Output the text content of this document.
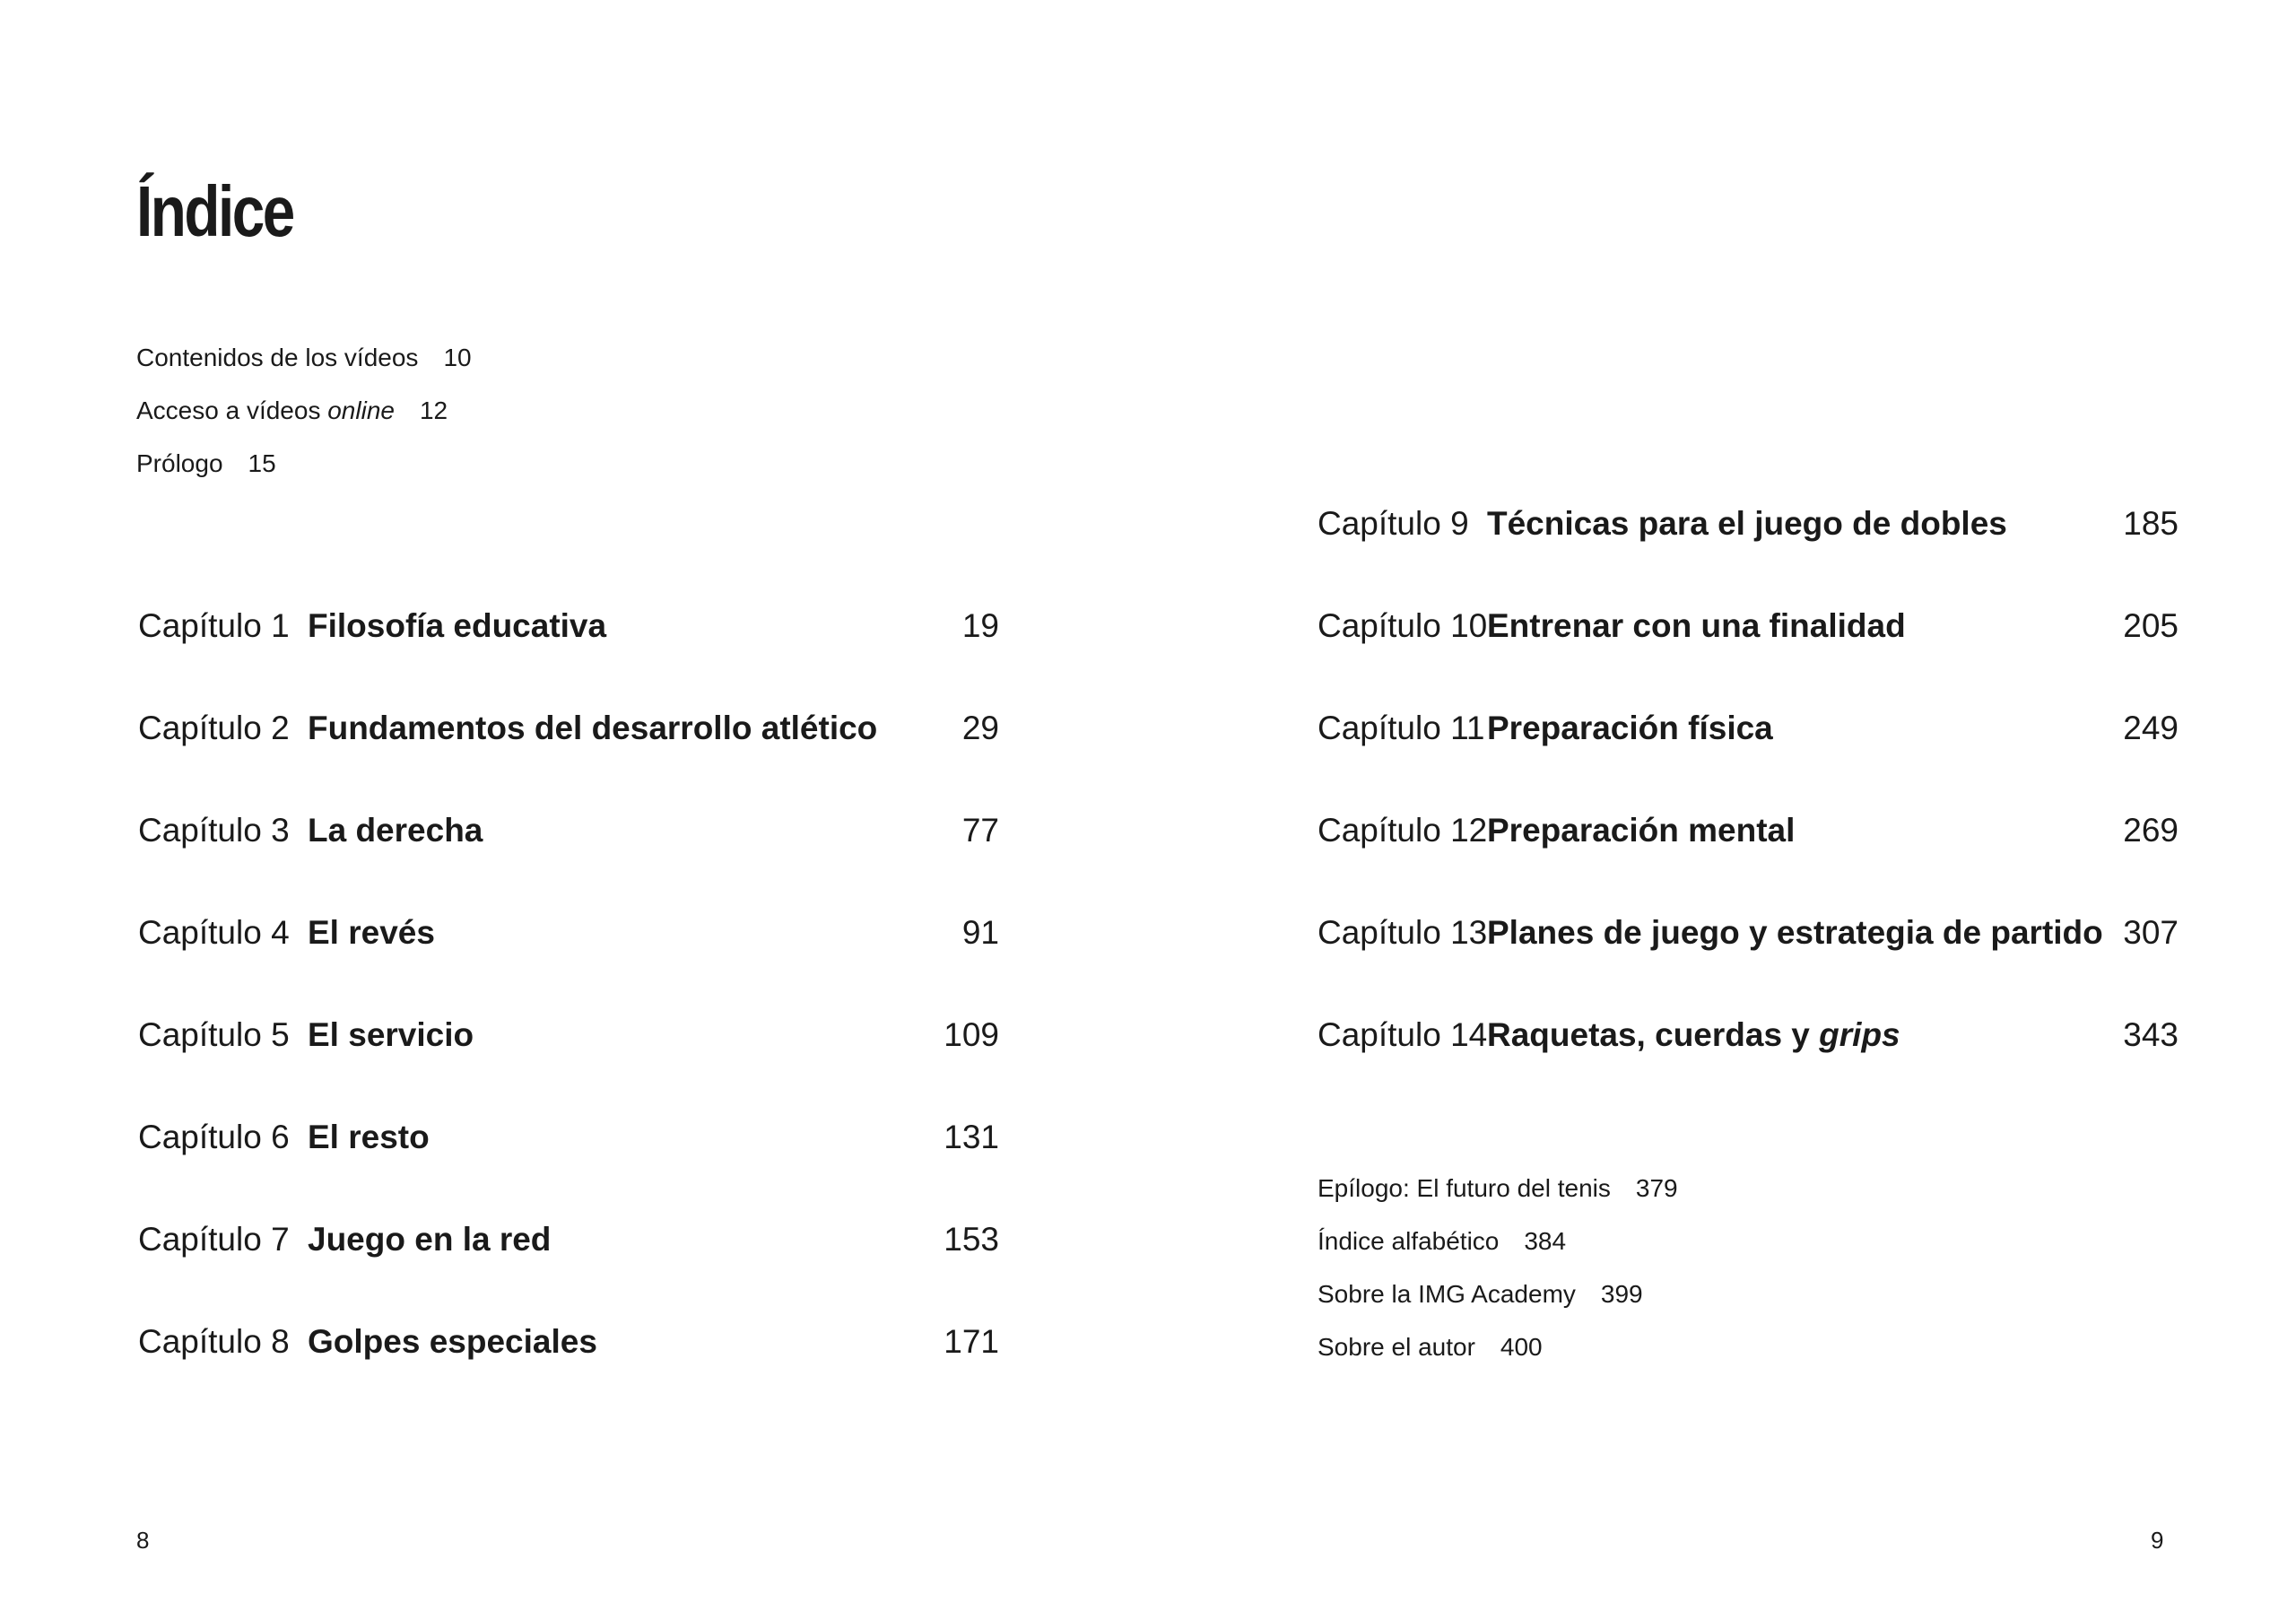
Índice
Contenidos de los vídeos 10
Acceso a vídeos online 12
Prólogo 15
Capítulo 1 Filosofía educativa	19
Capítulo 2 Fundamentos del desarrollo atlético	29
Capítulo 3 La derecha	77
Capítulo 4 El revés	91
Capítulo 5 El servicio	109
Capítulo 6 El resto	131
Capítulo 7 Juego en la red	153
Capítulo 8 Golpes especiales	171
Capítulo 9 Técnicas para el juego de dobles	185
Capítulo 10 Entrenar con una finalidad	205
Capítulo 11 Preparación física	249
Capítulo 12 Preparación mental	269
Capítulo 13 Planes de juego y estrategia de partido 307
Capítulo 14 Raquetas, cuerdas y grips	343
Epílogo: El futuro del tenis 379
Índice alfabético 384
Sobre la IMG Academy 399
Sobre el autor 400
8	9
